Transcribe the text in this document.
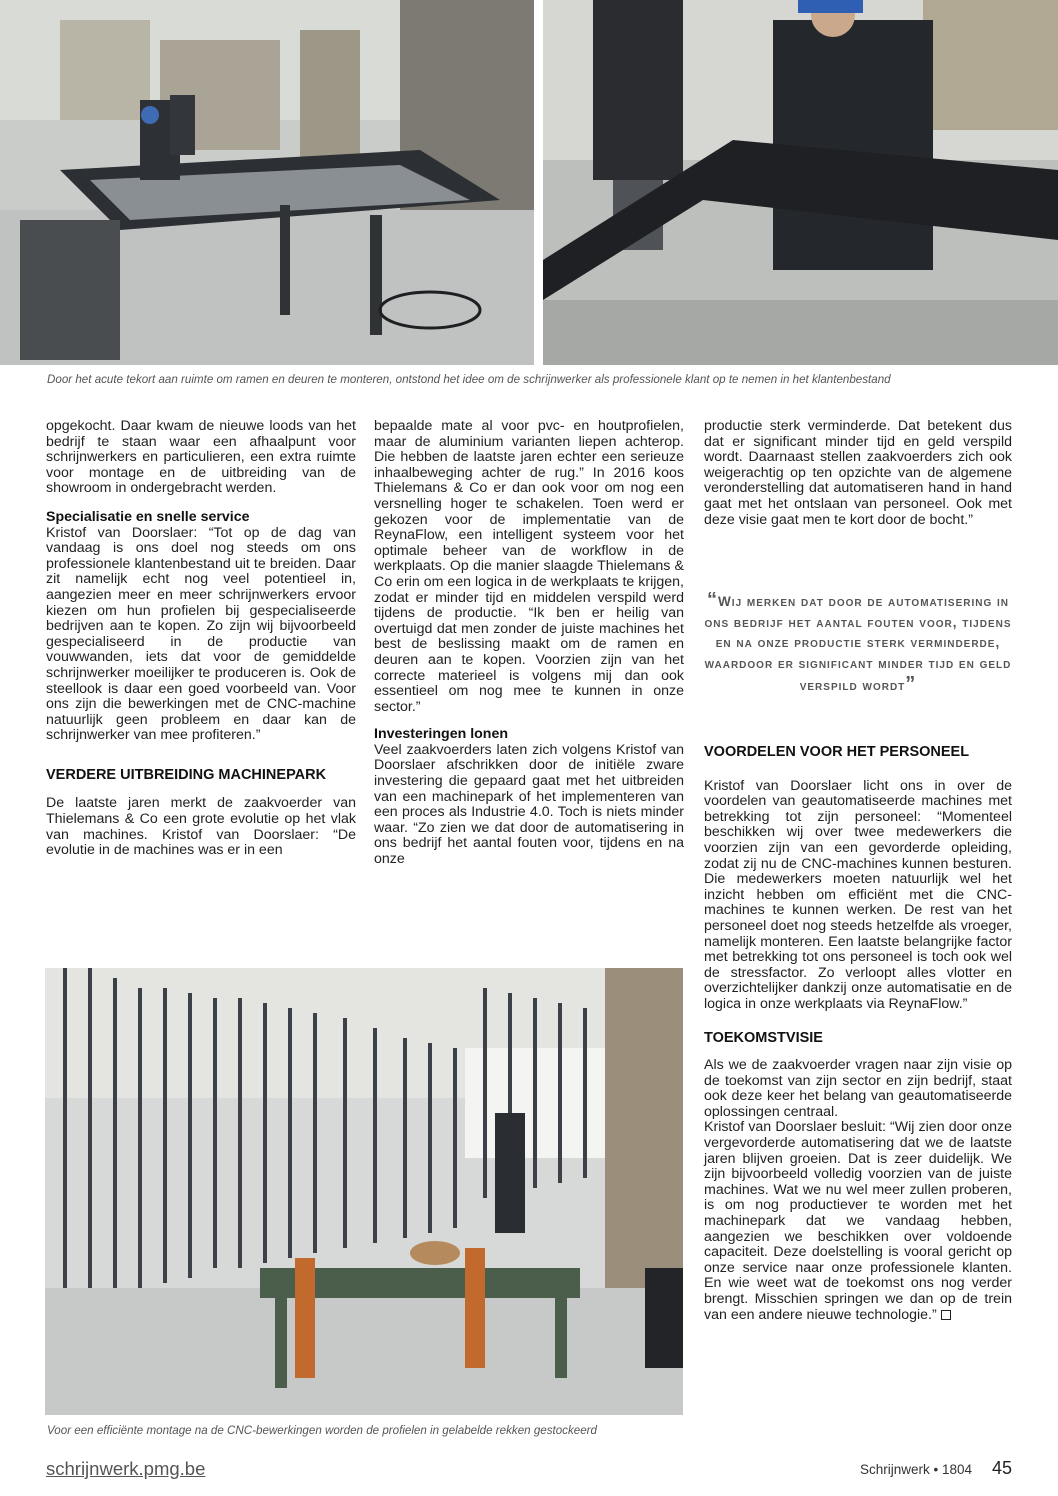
Door het acute tekort aan ruimte om ramen en deuren te monteren, ontstond het idee om de schrijnwerker als professionele klant op te nemen in het klantenbestand

opgekocht. Daar kwam de nieuwe loods van het bedrijf te staan waar een afhaalpunt voor schrijnwerkers en particulieren, een extra ruimte voor montage en de uitbreiding van de showroom in ondergebracht werden.

Specialisatie en snelle service

Kristof van Doorslaer: “Tot op de dag van vandaag is ons doel nog steeds om ons professionele klantenbestand uit te breiden. Daar zit namelijk echt nog veel potentieel in, aangezien meer en meer schrijnwerkers ervoor kiezen om hun profielen bij gespecialiseerde bedrijven aan te kopen. Zo zijn wij bijvoorbeeld gespecialiseerd in de productie van vouwwanden, iets dat voor de gemiddelde schrijnwerker moeilijker te produceren is. Ook de steellook is daar een goed voorbeeld van. Voor ons zijn die bewerkingen met de CNC-machine natuurlijk geen probleem en daar kan de schrijnwerker van mee profiteren.”

VERDERE UITBREIDING MACHINEPARK

De laatste jaren merkt de zaakvoerder van Thielemans & Co een grote evolutie op het vlak van machines. Kristof van Doorslaer: “De evolutie in de machines was er in een

bepaalde mate al voor pvc- en houtprofielen, maar de aluminium varianten liepen achterop. Die hebben de laatste jaren echter een serieuze inhaalbeweging achter de rug.” In 2016 koos Thielemans & Co er dan ook voor om nog een versnelling hoger te schakelen. Toen werd er gekozen voor de implementatie van de ReynaFlow, een intelligent systeem voor het optimale beheer van de workflow in de werkplaats. Op die manier slaagde Thielemans & Co erin om een logica in de werkplaats te krijgen, zodat er minder tijd en middelen verspild werd tijdens de productie. “Ik ben er heilig van overtuigd dat men zonder de juiste machines het best de beslissing maakt om de ramen en deuren aan te kopen. Voorzien zijn van het correcte materieel is volgens mij dan ook essentieel om nog mee te kunnen in onze sector.”

Investeringen lonen

Veel zaakvoerders laten zich volgens Kristof van Doorslaer afschrikken door de initiële zware investering die gepaard gaat met het uitbreiden van een machinepark of het implementeren van een proces als Industrie 4.0. Toch is niets minder waar. “Zo zien we dat door de automatisering in ons bedrijf het aantal fouten voor, tijdens en na onze

productie sterk verminderde. Dat betekent dus dat er significant minder tijd en geld verspild wordt. Daarnaast stellen zaakvoerders zich ook weigerachtig op ten opzichte van de algemene veronderstelling dat automatiseren hand in hand gaat met het ontslaan van personeel. Ook met deze visie gaat men te kort door de bocht.”

“Wij merken dat door de automatisering in ons bedrijf het aantal fouten voor, tijdens en na onze productie sterk verminderde, waardoor er significant minder tijd en geld verspild wordt”

VOORDELEN VOOR HET PERSONEEL

Kristof van Doorslaer licht ons in over de voordelen van geautomatiseerde machines met betrekking tot zijn personeel: “Momenteel beschikken wij over twee medewerkers die voorzien zijn van een gevorderde opleiding, zodat zij nu de CNC-machines kunnen besturen. Die medewerkers moeten natuurlijk wel het inzicht hebben om efficiënt met die CNC-machines te kunnen werken. De rest van het personeel doet nog steeds hetzelfde als vroeger, namelijk monteren. Een laatste belangrijke factor met betrekking tot ons personeel is toch ook wel de stressfactor. Zo verloopt alles vlotter en overzichtelijker dankzij onze automatisatie en de logica in onze werkplaats via ReynaFlow.”

TOEKOMSTVISIE

Als we de zaakvoerder vragen naar zijn visie op de toekomst van zijn sector en zijn bedrijf, staat ook deze keer het belang van geautomatiseerde oplossingen centraal.

Kristof van Doorslaer besluit: “Wij zien door onze vergevorderde automatisering dat we de laatste jaren blijven groeien. Dat is zeer duidelijk. We zijn bijvoorbeeld volledig voorzien van de juiste machines. Wat we nu wel meer zullen proberen, is om nog productiever te worden met het machinepark dat we vandaag hebben, aangezien we beschikken over voldoende capaciteit. Deze doelstelling is vooral gericht op onze service naar onze professionele klanten. En wie weet wat de toekomst ons nog verder brengt. Misschien springen we dan op de trein van een andere nieuwe technologie.”

Voor een efficiënte montage na de CNC-bewerkingen worden de profielen in gelabelde rekken gestockeerd
schrijnwerk.pmg.be	Schrijnwerk • 1804 45
